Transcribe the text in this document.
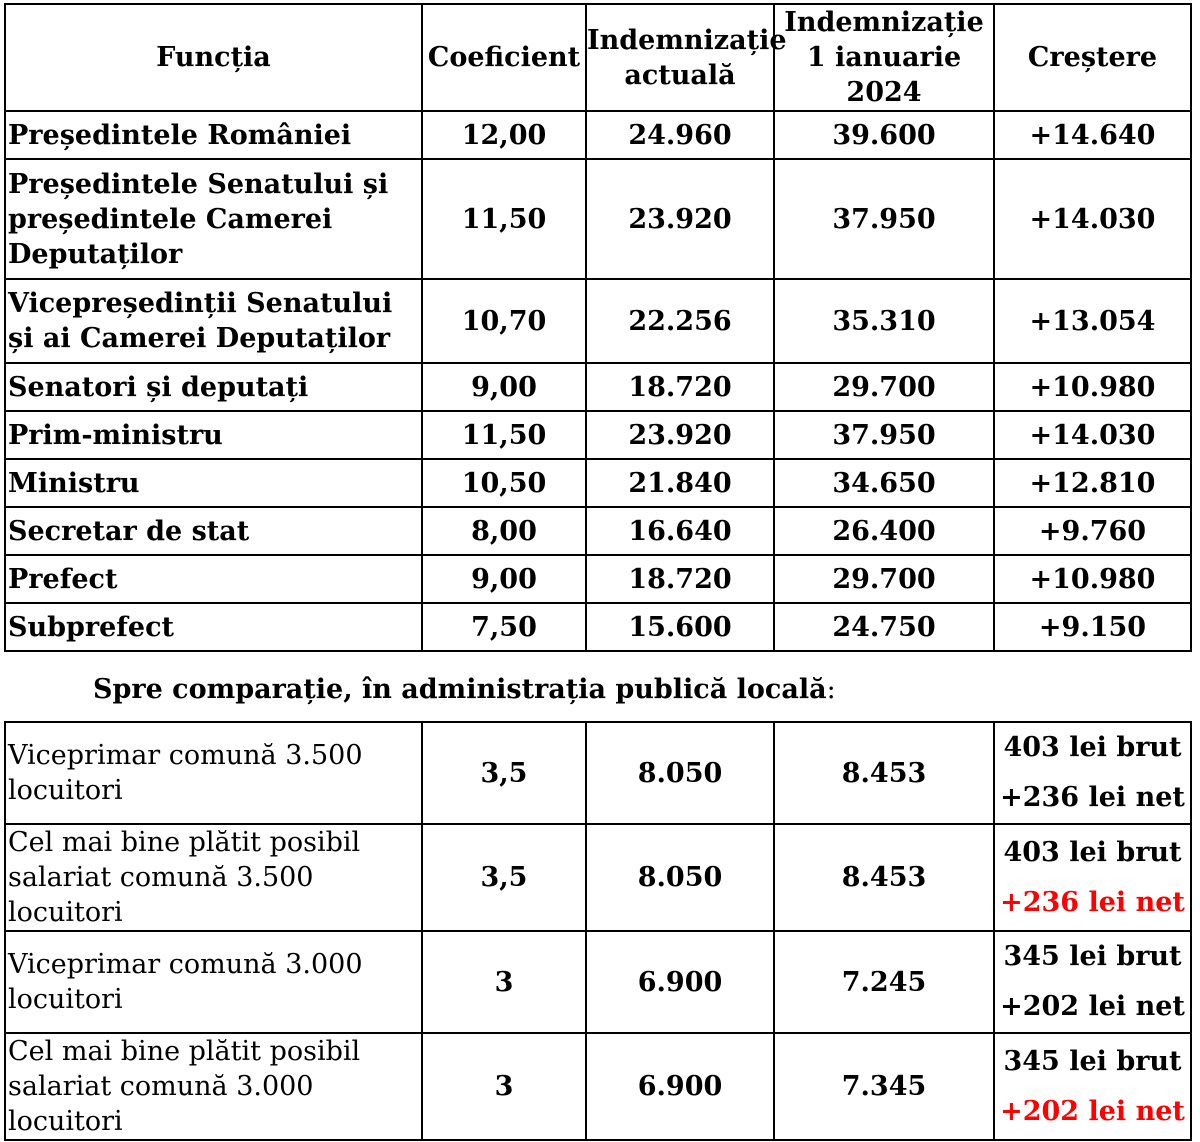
Funcția	Coeficient	Indemnizație actuală	Indemnizație 1 ianuarie 2024	Creștere
Președintele României	12,00	24.960	39.600	+14.640
Președintele Senatului și președintele Camerei Deputaților	11,50	23.920	37.950	+14.030
Vicepreședinții Senatului și ai Camerei Deputaților	10,70	22.256	35.310	+13.054
Senatori și deputați	9,00	18.720	29.700	+10.980
Prim-ministru	11,50	23.920	37.950	+14.030
Ministru	10,50	21.840	34.650	+12.810
Secretar de stat	8,00	16.640	26.400	+9.760
Prefect	9,00	18.720	29.700	+10.980
Subprefect	7,50	15.600	24.750	+9.150
Spre comparație, în administrația publică locală:
Viceprimar comună 3.500 locuitori	3,5	8.050	8.453	403 lei brut
+236 lei net

Cel mai bine plătit posibil salariat comună 3.500 locuitori	3,5	8.050	8.453	403 lei brut
+236 lei net

Viceprimar comună 3.000 locuitori	3	6.900	7.245	345 lei brut
+202 lei net

Cel mai bine plătit posibil salariat comună 3.000 locuitori	3	6.900	7.345	345 lei brut
+202 lei net
